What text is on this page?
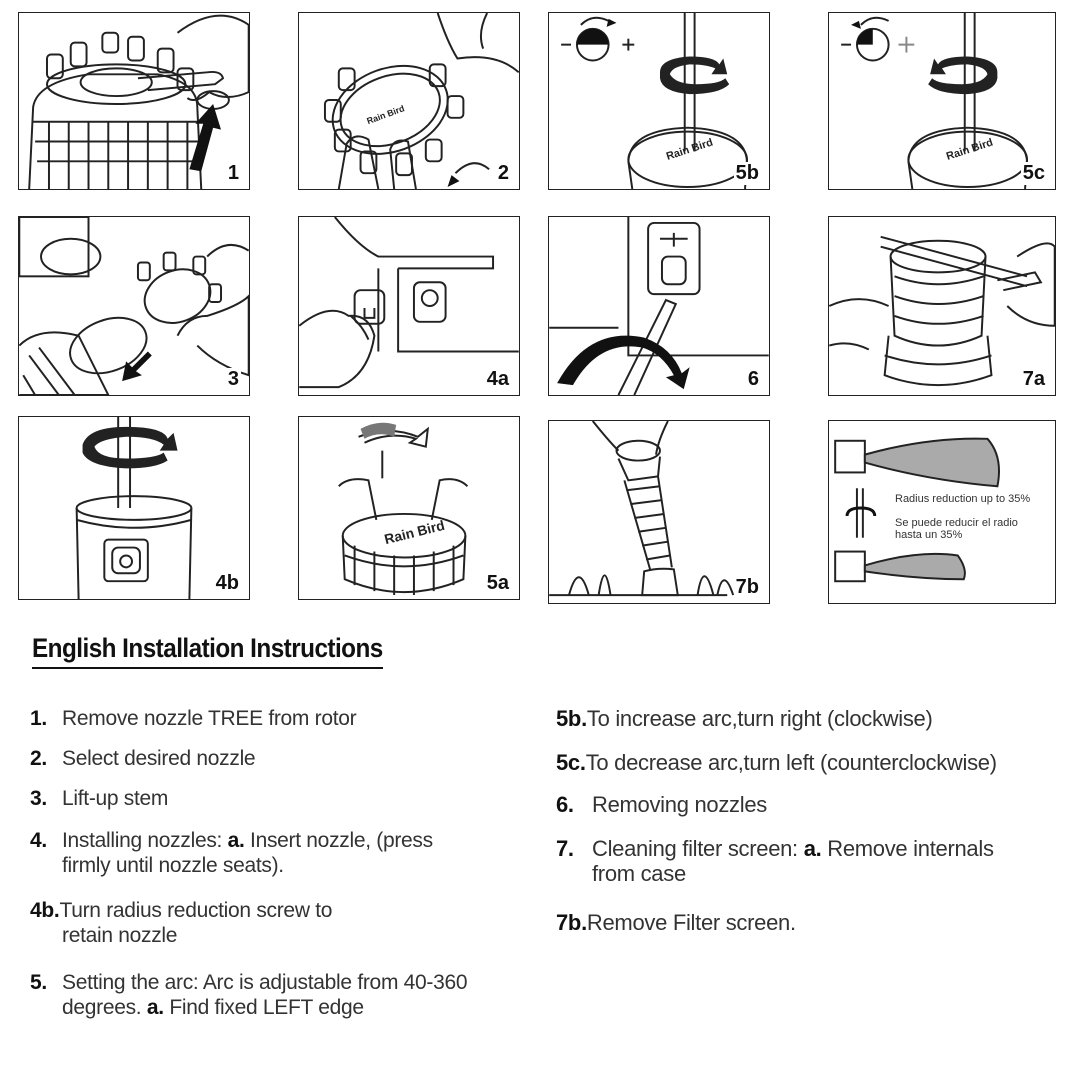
1
Rain Bird
2
Rain Bird
5b
Rain Bird
5c
3	4a	6	7a
4b
Rain Bird
5a	7b
Radius reduction up to 35%
Se puede reducir el radio
hasta un 35%
English Installation Instructions
1. Remove nozzle TREE from rotor
2. Select desired nozzle
3. Lift-up stem
4. Installing nozzles: a. Insert nozzle, (press
firmly until nozzle seats).
4b.Turn radius reduction screw to
retain nozzle
5. Setting the arc: Arc is adjustable from 40-360
degrees. a. Find fixed LEFT edge
5b.To increase arc,turn right (clockwise)
5c.To decrease arc,turn left (counterclockwise)
6. Removing nozzles
7. Cleaning filter screen: a. Remove internals
from case
7b.Remove Filter screen.
